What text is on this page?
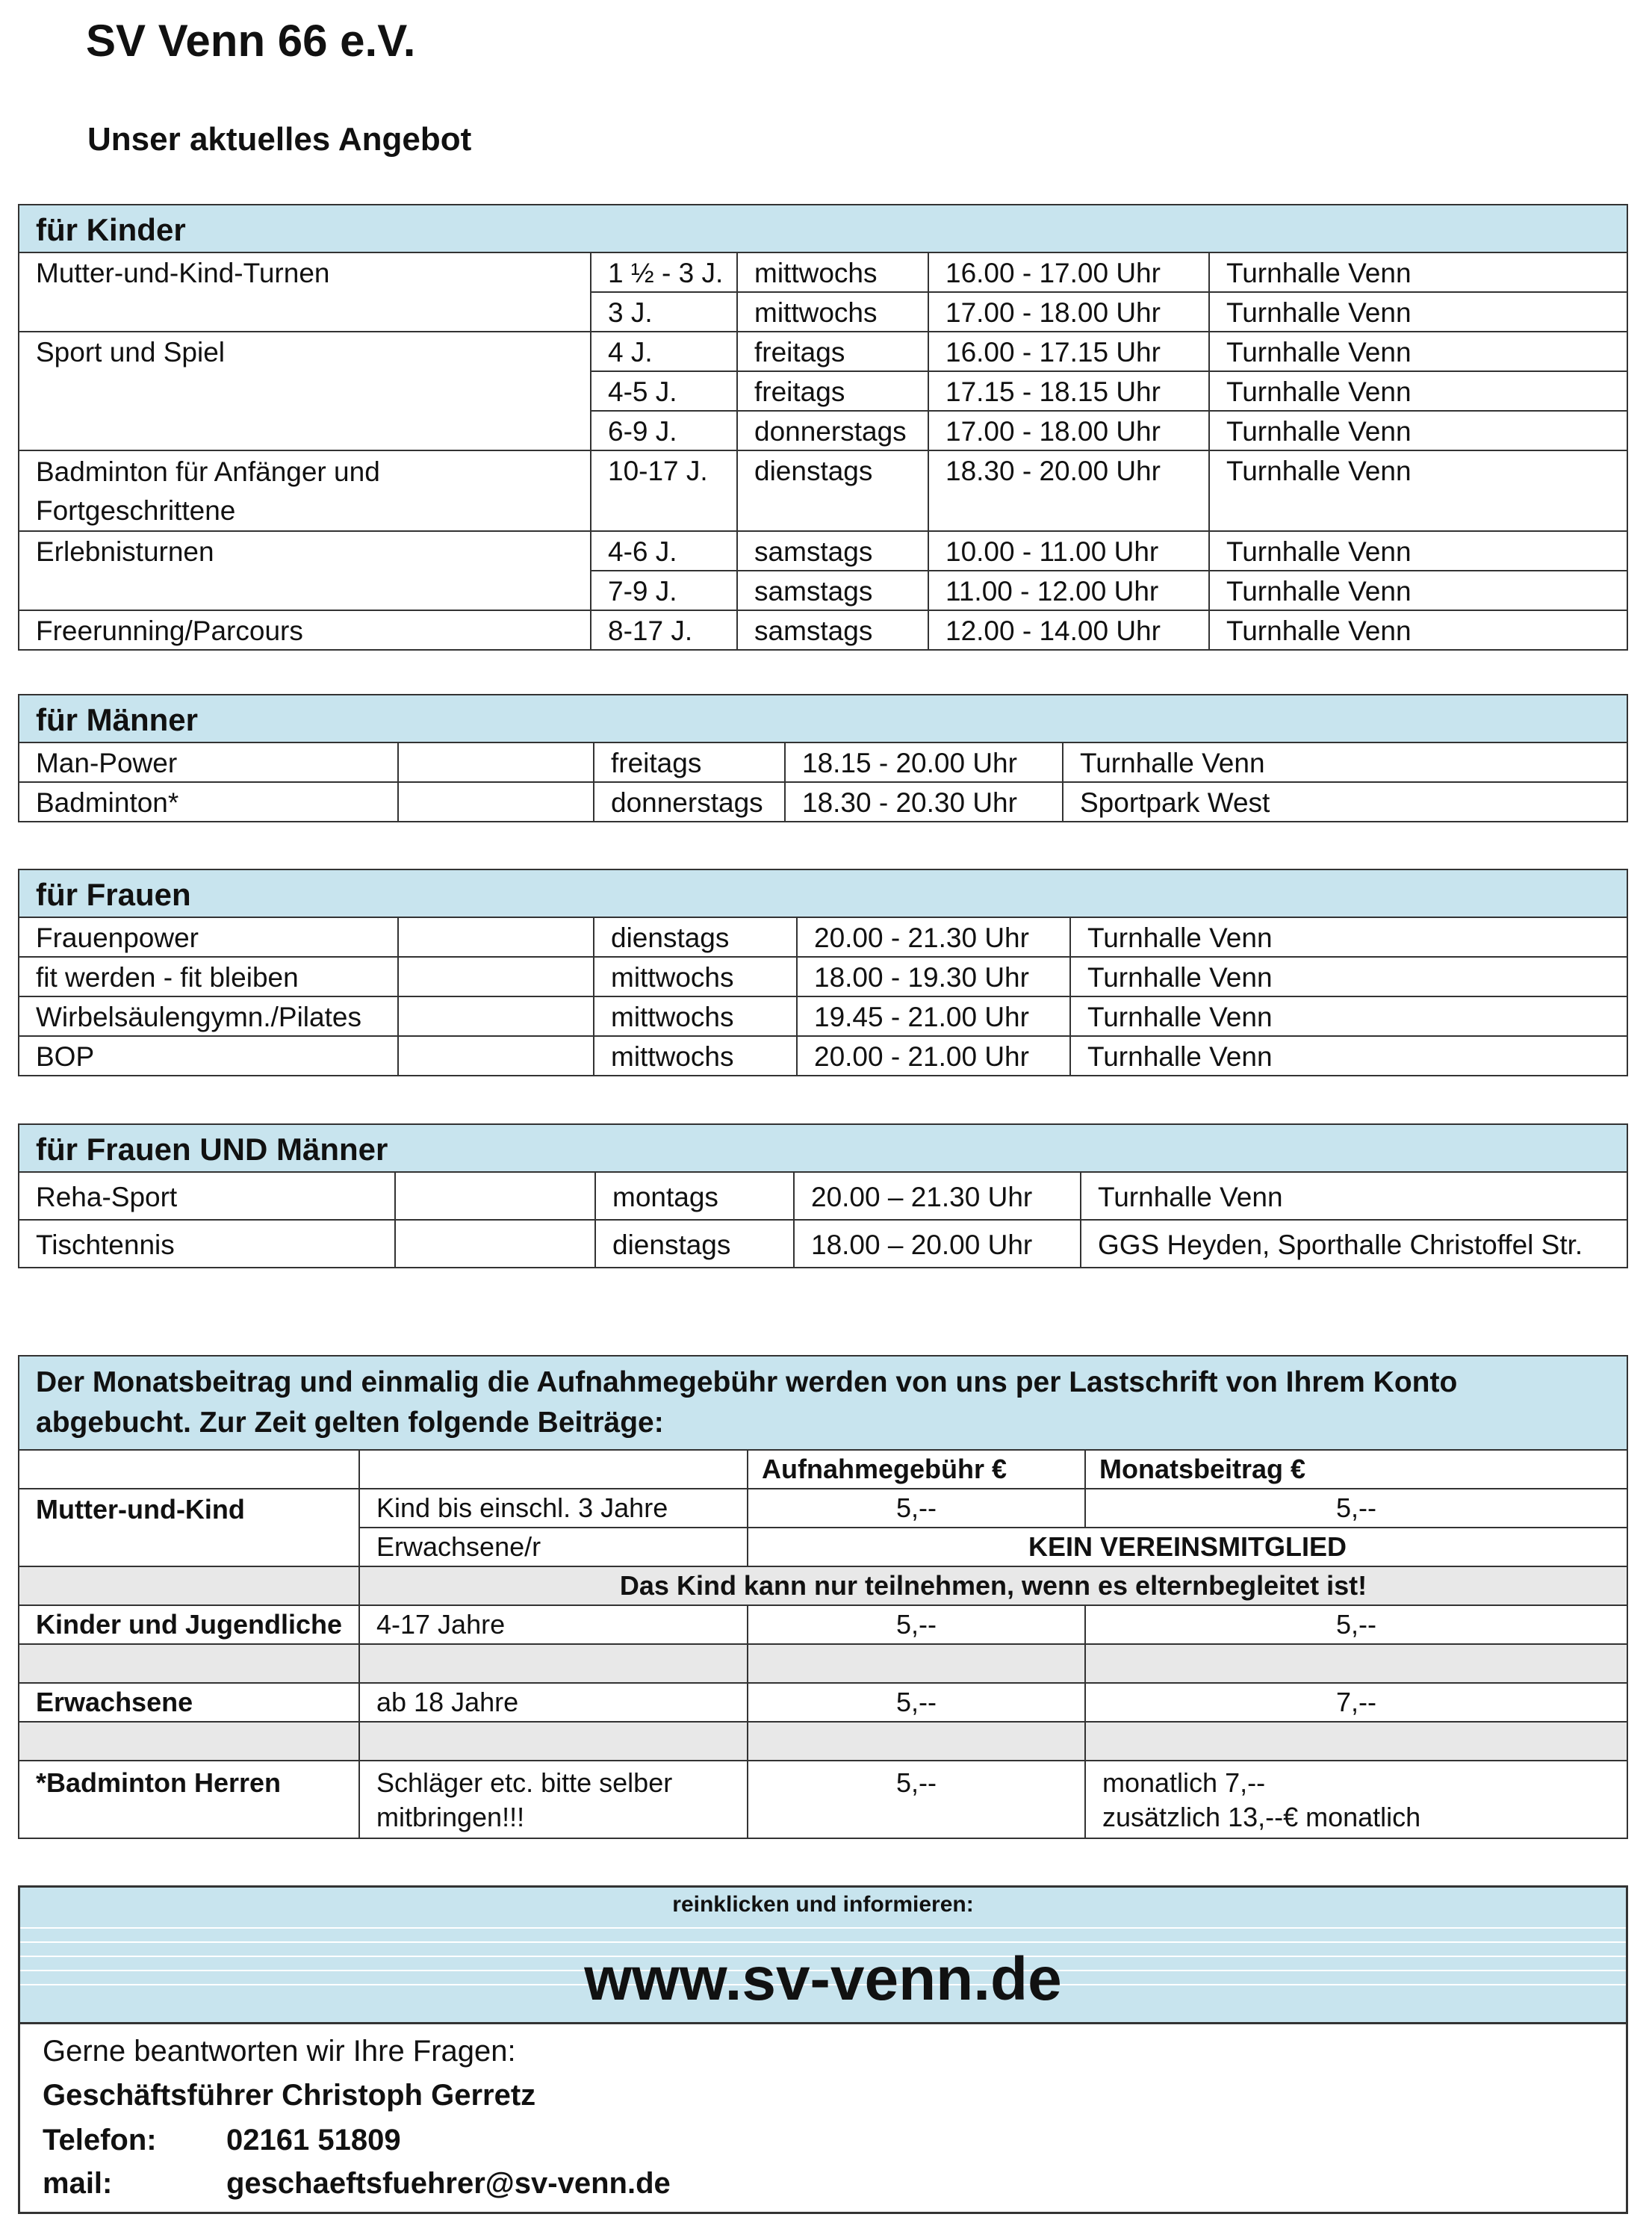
SV Venn 66 e.V.
Unser aktuelles Angebot
für Kinder				
Mutter-und-Kind-Turnen	1 ½ - 3 J.	mittwochs	16.00 - 17.00 Uhr	Turnhalle Venn
	3 J.	mittwochs	17.00 - 18.00 Uhr	Turnhalle Venn
Sport und Spiel	4 J.	freitags	16.00 - 17.15 Uhr	Turnhalle Venn
	4-5 J.	freitags	17.15 - 18.15 Uhr	Turnhalle Venn
	6-9 J.	donnerstags	17.00 - 18.00 Uhr	Turnhalle Venn
Badminton für Anfänger und Fortgeschrittene	10-17 J.	dienstags	18.30 - 20.00 Uhr	Turnhalle Venn
Erlebnisturnen	4-6 J.	samstags	10.00 - 11.00 Uhr	Turnhalle Venn
	7-9 J.	samstags	11.00 - 12.00 Uhr	Turnhalle Venn
Freerunning/Parcours	8-17 J.	samstags	12.00 - 14.00 Uhr	Turnhalle Venn
für Männer				
Man-Power		freitags	18.15 - 20.00 Uhr	Turnhalle Venn
Badminton*		donnerstags	18.30 - 20.30 Uhr	Sportpark West
für Frauen				
Frauenpower		dienstags	20.00 - 21.30 Uhr	Turnhalle Venn
fit werden - fit bleiben		mittwochs	18.00 - 19.30 Uhr	Turnhalle Venn
Wirbelsäulengymn./Pilates		mittwochs	19.45 - 21.00 Uhr	Turnhalle Venn
BOP		mittwochs	20.00 - 21.00 Uhr	Turnhalle Venn
für Frauen UND Männer				
Reha-Sport		montags	20.00 – 21.30 Uhr	Turnhalle Venn
Tischtennis		dienstags	18.00 – 20.00 Uhr	GGS Heyden, Sporthalle Christoffel Str.
Der Monatsbeitrag und einmalig die Aufnahmegebühr werden von uns per Lastschrift von Ihrem Konto abgebucht. Zur Zeit gelten folgende Beiträge:			
		Aufnahmegebühr €	Monatsbeitrag €
Mutter-und-Kind	Kind bis einschl. 3 Jahre	5,--	5,--
	Erwachsene/r	KEIN VEREINSMITGLIED	
	Das Kind kann nur teilnehmen, wenn es elternbegleitet ist!		
Kinder und Jugendliche	4-17 Jahre	5,--	5,--

Erwachsene	ab 18 Jahre	5,--	7,--

*Badminton Herren	Schläger etc. bitte selber mitbringen!!!	5,--	monatlich 7,--
zusätzlich 13,--€ monatlich
reinklicken und informieren:
www.sv-venn.de
Gerne beantworten wir Ihre Fragen:
Geschäftsführer Christoph Gerretz
Telefon: 02161 51809
mail:	geschaeftsfuehrer@sv-venn.de
